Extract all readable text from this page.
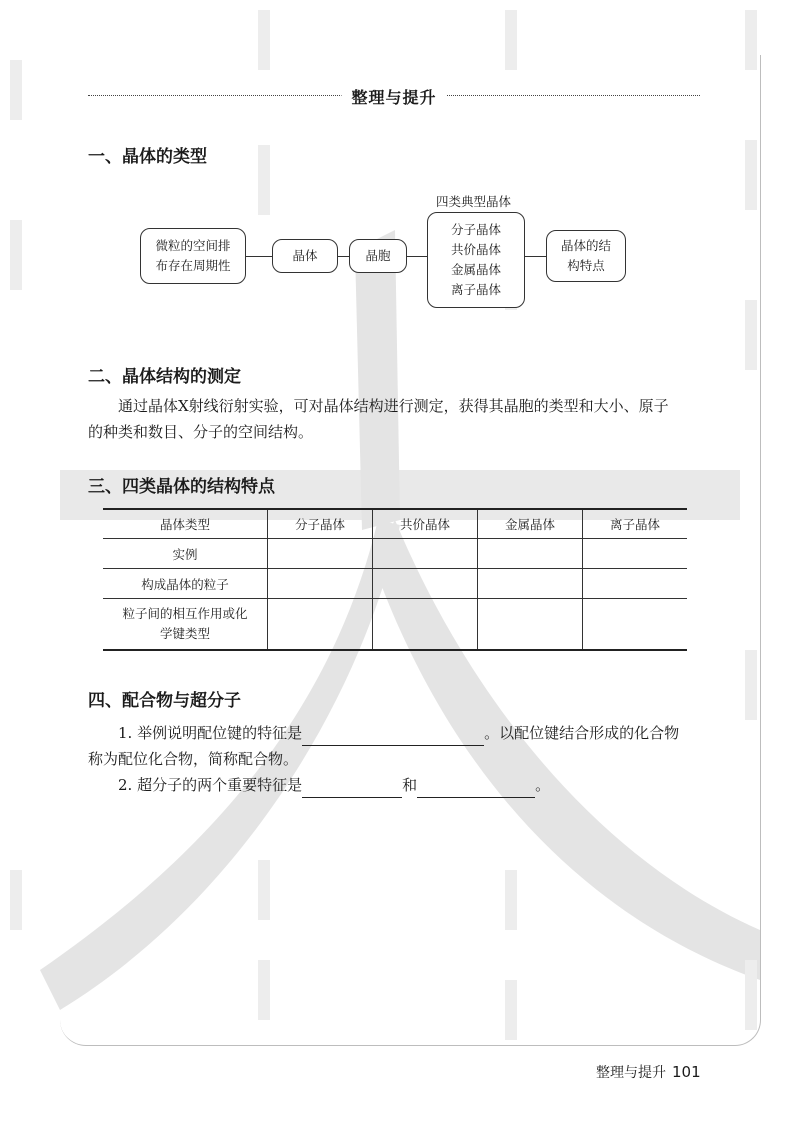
整理与提升
一、晶体的类型
微粒的空间排
布存在周期性
晶体	晶胞
四类典型晶体
分子晶体
共价晶体
金属晶体
离子晶体
晶体的结
构特点
二、晶体结构的测定
通过晶体X射线衍射实验，可对晶体结构进行测定，获得其晶胞的类型和大小、原子
的种类和数目、分子的空间结构。
三、四类晶体的结构特点
晶体类型	分子晶体	共价晶体	金属晶体	离子晶体
实例				
构成晶体的粒子				

粒子间的相互作用或化
学键类型				

四、配合物与超分子
1. 举例说明配位键的特征是	。以配位键结合形成的化合物
称为配位化合物，简称配合物。
2. 超分子的两个重要特征是	和	。
整理与提升 101
